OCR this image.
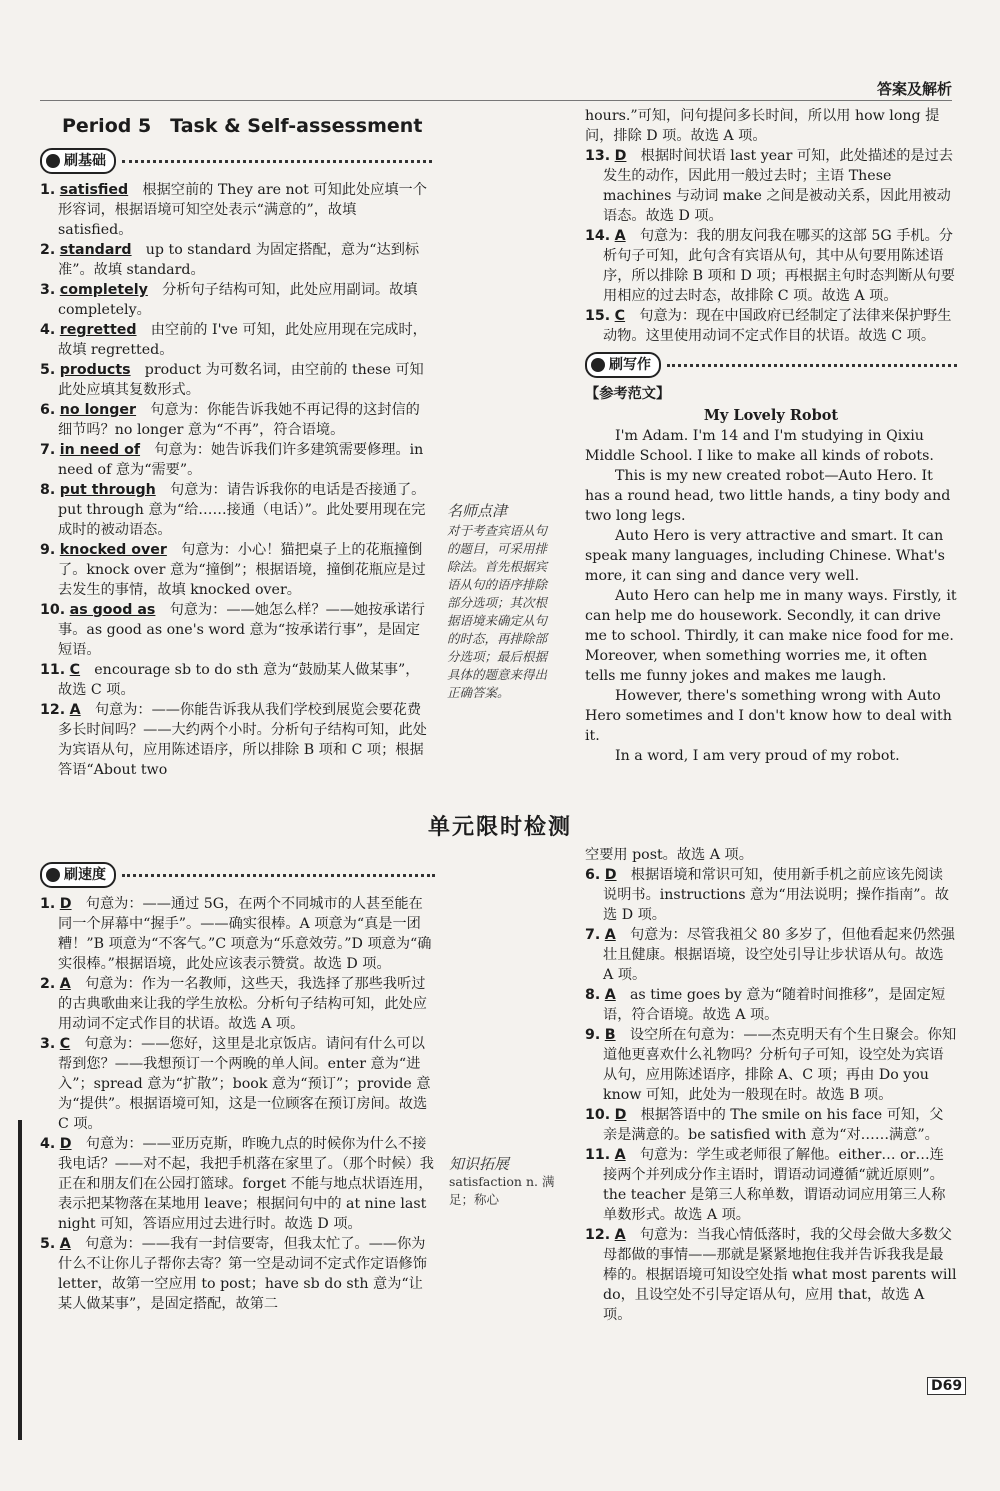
答案及解析

Period 5　Task & Self-assessment

刷基础

1. satisfied　 根据空前的 They are not 可知此处应填一个形容词，根据语境可知空处表示“满意的”，故填 satisfied。

2. standard　 up to standard 为固定搭配，意为“达到标准”。故填 standard。

3. completely　 分析句子结构可知，此处应用副词。故填 completely。

4. regretted　 由空前的 I've 可知，此处应用现在完成时，故填 regretted。

5. products　 product 为可数名词，由空前的 these 可知此处应填其复数形式。

6. no longer　 句意为：你能告诉我她不再记得的这封信的细节吗？no longer 意为“不再”，符合语境。

7. in need of　 句意为：她告诉我们许多建筑需要修理。in need of 意为“需要”。

8. put through　 句意为：请告诉我你的电话是否接通了。put through 意为“给……接通（电话）”。此处要用现在完成时的被动语态。

9. knocked over　 句意为：小心！猫把桌子上的花瓶撞倒了。knock over 意为“撞倒”；根据语境，撞倒花瓶应是过去发生的事情，故填 knocked over。

10. as good as　 句意为：——她怎么样？——她按承诺行事。as good as one's word 意为“按承诺行事”，是固定短语。

11. C　 encourage sb to do sth 意为“鼓励某人做某事”，故选 C 项。

12. A　 句意为：——你能告诉我从我们学校到展览会要花费多长时间吗？——大约两个小时。分析句子结构可知，此处为宾语从句，应用陈述语序，所以排除 B 项和 C 项；根据答语“About two

hours.”可知，问句提问多长时间，所以用 how long 提问，排除 D 项。故选 A 项。

13. D　 根据时间状语 last year 可知，此处描述的是过去发生的动作，因此用一般过去时；主语 These machines 与动词 make 之间是被动关系，因此用被动语态。故选 D 项。

14. A　 句意为：我的朋友问我在哪买的这部 5G 手机。分析句子可知，此句含有宾语从句，其中从句要用陈述语序，所以排除 B 项和 D 项；再根据主句时态判断从句要用相应的过去时态，故排除 C 项。故选 A 项。

15. C　 句意为：现在中国政府已经制定了法律来保护野生动物。这里使用动词不定式作目的状语。故选 C 项。

刷写作

【参考范文】

My Lovely Robot

I'm Adam. I'm 14 and I'm studying in Qixiu Middle School. I like to make all kinds of robots.

This is my new created robot—Auto Hero. It has a round head, two little hands, a tiny body and two long legs.

Auto Hero is very attractive and smart. It can speak many languages, including Chinese. What's more, it can sing and dance very well.

Auto Hero can help me in many ways. Firstly, it can help me do housework. Secondly, it can drive me to school. Thirdly, it can make nice food for me. Moreover, when something worries me, it often tells me funny jokes and makes me laugh.

However, there's something wrong with Auto Hero sometimes and I don't know how to deal with it.

In a word, I am very proud of my robot.

名师点津
对于考查宾语从句的题目，可采用排除法。首先根据宾语从句的语序排除部分选项；其次根据语境来确定从句的时态，再排除部分选项；最后根据具体的题意来得出正确答案。
单元限时检测

刷速度

1. D　 句意为：——通过 5G，在两个不同城市的人甚至能在同一个屏幕中“握手”。——确实很棒。A 项意为“真是一团糟！”B 项意为“不客气。”C 项意为“乐意效劳。”D 项意为“确实很棒。”根据语境，此处应该表示赞赏。故选 D 项。

2. A　 句意为：作为一名教师，这些天，我选择了那些我听过的古典歌曲来让我的学生放松。分析句子结构可知，此处应用动词不定式作目的状语。故选 A 项。

3. C　 句意为：——您好，这里是北京饭店。请问有什么可以帮到您？——我想预订一个两晚的单人间。enter 意为“进入”；spread 意为“扩散”；book 意为“预订”；provide 意为“提供”。根据语境可知，这是一位顾客在预订房间。故选 C 项。

4. D　 句意为：——亚历克斯，昨晚九点的时候你为什么不接我电话？——对不起，我把手机落在家里了。（那个时候）我正在和朋友们在公园打篮球。forget 不能与地点状语连用，表示把某物落在某地用 leave；根据问句中的 at nine last night 可知，答语应用过去进行时。故选 D 项。

5. A　 句意为：——我有一封信要寄，但我太忙了。——你为什么不让你儿子帮你去寄？第一空是动词不定式作定语修饰 letter，故第一空应用 to post；have sb do sth 意为“让某人做某事”，是固定搭配，故第二

空要用 post。故选 A 项。

6. D　 根据语境和常识可知，使用新手机之前应该先阅读说明书。instructions 意为“用法说明；操作指南”。故选 D 项。

7. A　 句意为：尽管我祖父 80 多岁了，但他看起来仍然强壮且健康。根据语境，设空处引导让步状语从句。故选 A 项。

8. A　 as time goes by 意为“随着时间推移”，是固定短语，符合语境。故选 A 项。

9. B　 设空所在句意为：——杰克明天有个生日聚会。你知道他更喜欢什么礼物吗？分析句子可知，设空处为宾语从句，应用陈述语序，排除 A、C 项；再由 Do you know 可知，此处为一般现在时。故选 B 项。

10. D　 根据答语中的 The smile on his face 可知，父亲是满意的。be satisfied with 意为“对……满意”。

11. A　 句意为：学生或老师很了解他。either… or…连接两个并列成分作主语时，谓语动词遵循“就近原则”。the teacher 是第三人称单数，谓语动词应用第三人称单数形式。故选 A 项。

12. A　 句意为：当我心情低落时，我的父母会做大多数父母都做的事情——那就是紧紧地抱住我并告诉我我是最棒的。根据语境可知设空处指 what most parents will do，且设空处不引导定语从句，应用 that，故选 A 项。

知识拓展
satisfaction n. 满足；称心
D69
